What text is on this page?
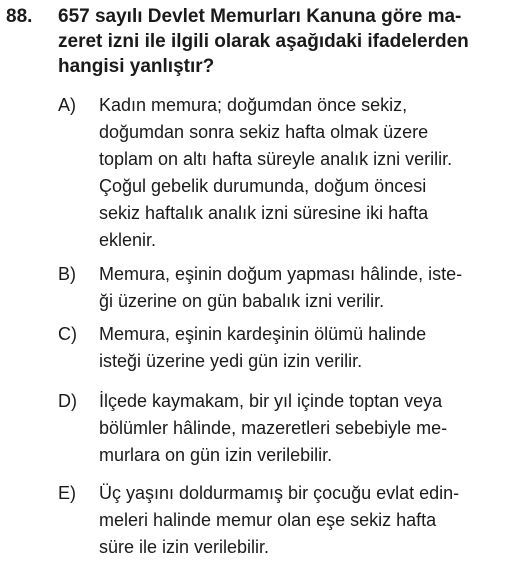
88. 657 sayılı Devlet Memurları Kanuna göre ma-
zeret izni ile ilgili olarak aşağıdaki ifadelerden
hangisi yanlıştır?

A)	Kadın memura; doğumdan önce sekiz,
doğumdan sonra sekiz hafta olmak üzere
toplam on altı hafta süreyle analık izni verilir.
Çoğul gebelik durumunda, doğum öncesi
sekiz haftalık analık izni süresine iki hafta
eklenir.
B)	Memura, eşinin doğum yapması hâlinde, iste-
ği üzerine on gün babalık izni verilir.
C)	Memura, eşinin kardeşinin ölümü halinde
isteği üzerine yedi gün izin verilir.
D)	İlçede kaymakam, bir yıl içinde toptan veya
bölümler hâlinde, mazeretleri sebebiyle me-
murlara on gün izin verilebilir.
E)	Üç yaşını doldurmamış bir çocuğu evlat edin-
meleri halinde memur olan eşe sekiz hafta
süre ile izin verilebilir.
